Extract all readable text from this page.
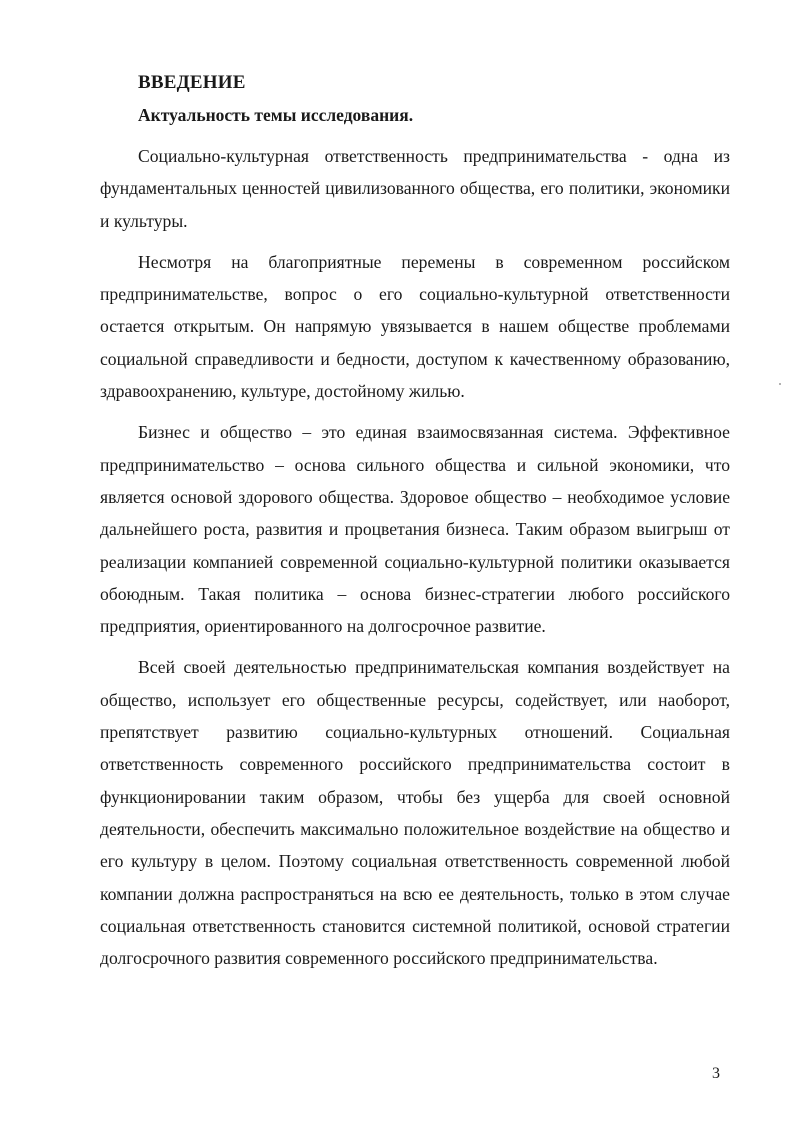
ВВЕДЕНИЕ
Актуальность темы исследования.

Социально-культурная ответственность предпринимательства - одна из фундаментальных ценностей цивилизованного общества, его политики, экономики и культуры.

Несмотря на благоприятные перемены в современном российском предпринимательстве, вопрос о его социально-культурной ответственности остается открытым. Он напрямую увязывается в нашем обществе проблемами социальной справедливости и бедности, доступом к качественному образованию, здравоохранению, культуре, достойному жилью.

Бизнес и общество – это единая взаимосвязанная система. Эффективное предпринимательство – основа сильного общества и сильной экономики, что является основой здорового общества. Здоровое общество – необходимое условие дальнейшего роста, развития и процветания бизнеса. Таким образом выигрыш от реализации компанией современной социально-культурной политики оказывается обоюдным. Такая политика – основа бизнес-стратегии любого российского предприятия, ориентированного на долгосрочное развитие.

Всей своей деятельностью предпринимательская компания воздействует на общество, использует его общественные ресурсы, содействует, или наоборот, препятствует развитию социально-культурных отношений. Социальная ответственность современного российского предпринимательства состоит в функционировании таким образом, чтобы без ущерба для своей основной деятельности, обеспечить максимально положительное воздействие на общество и его культуру в целом. Поэтому социальная ответственность современной любой компании должна распространяться на всю ее деятельность, только в этом случае социальная ответственность становится системной политикой, основой стратегии долгосрочного развития современного российского предпринимательства.

3
